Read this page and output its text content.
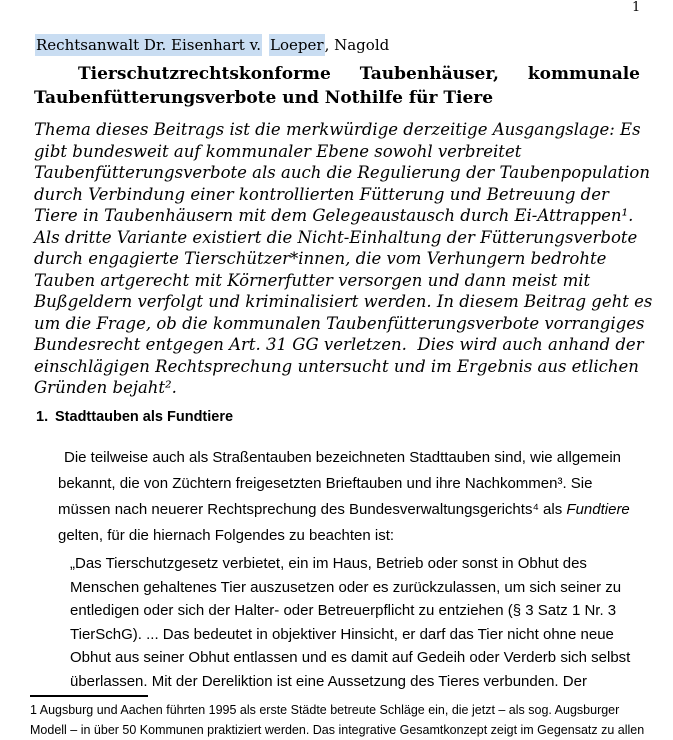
1
Rechtsanwalt Dr. Eisenhart v. Loeper, Nagold
Tierschutzrechtskonforme Taubenhäuser, kommunale
Taubenfütterungsverbote und Nothilfe für Tiere
Thema dieses Beitrags ist die merkwürdige derzeitige Ausgangslage: Es
gibt bundesweit auf kommunaler Ebene sowohl verbreitet
Taubenfütterungsverbote als auch die Regulierung der Taubenpopulation
durch Verbindung einer kontrollierten Fütterung und Betreuung der
Tiere in Taubenhäusern mit dem Gelegeaustausch durch Ei-Attrappen¹.
Als dritte Variante existiert die Nicht-Einhaltung der Fütterungsverbote
durch engagierte Tierschützer*innen, die vom Verhungern bedrohte
Tauben artgerecht mit Körnerfutter versorgen und dann meist mit
Bußgeldern verfolgt und kriminalisiert werden. In diesem Beitrag geht es
um die Frage, ob die kommunalen Taubenfütterungsverbote vorrangiges
Bundesrecht entgegen Art. 31 GG verletzen.  Dies wird auch anhand der
einschlägigen Rechtsprechung untersucht und im Ergebnis aus etlichen
Gründen bejaht².
1. Stadttauben als Fundtiere
Die teilweise auch als Straßentauben bezeichneten Stadttauben sind, wie allgemein
bekannt, die von Züchtern freigesetzten Brieftauben und ihre Nachkommen³. Sie
müssen nach neuerer Rechtsprechung des Bundesverwaltungsgerichts⁴ als Fundtiere
gelten, für die hiernach Folgendes zu beachten ist:
„Das Tierschutzgesetz verbietet, ein im Haus, Betrieb oder sonst in Obhut des
Menschen gehaltenes Tier auszusetzen oder es zurückzulassen, um sich seiner zu
entledigen oder sich der Halter- oder Betreuerpflicht zu entziehen (§ 3 Satz 1 Nr. 3
TierSchG). ... Das bedeutet in objektiver Hinsicht, er darf das Tier nicht ohne neue
Obhut aus seiner Obhut entlassen und es damit auf Gedeih oder Verderb sich selbst
überlassen. Mit der Dereliktion ist eine Aussetzung des Tieres verbunden. Der
1 Augsburg und Aachen führten 1995 als erste Städte betreute Schläge ein, die jetzt – als sog. Augsburger
Modell – in über 50 Kommunen praktiziert werden. Das integrative Gesamtkonzept zeigt im Gegensatz zu allen
